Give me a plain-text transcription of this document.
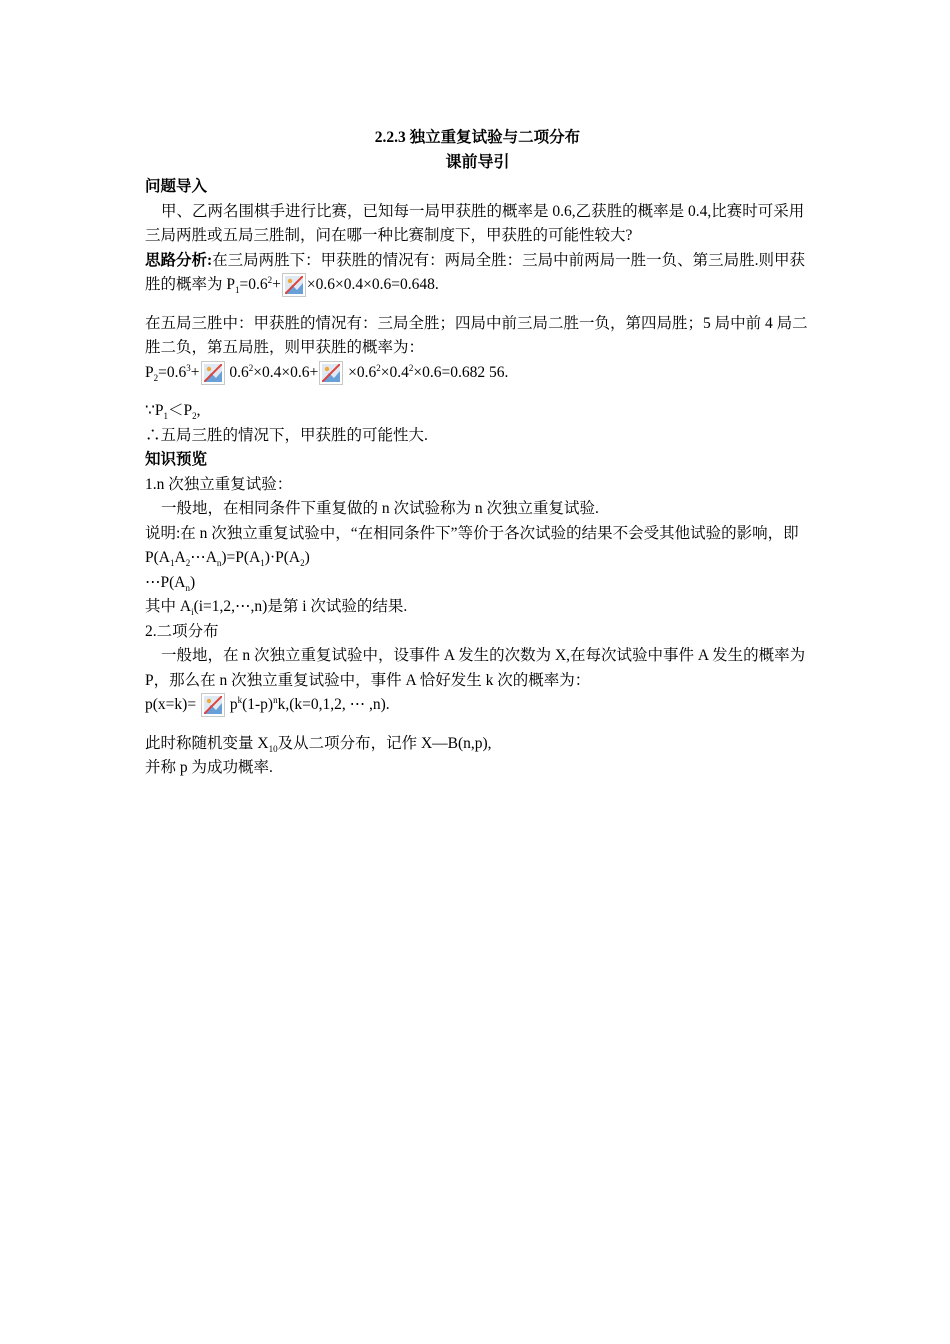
2.2.3 独立重复试验与二项分布
课前导引
问题导入

甲、乙两名围棋手进行比赛，已知每一局甲获胜的概率是 0.6,乙获胜的概率是 0.4,比赛时可采用三局两胜或五局三胜制，问在哪一种比赛制度下，甲获胜的可能性较大?

思路分析:在三局两胜下：甲获胜的情况有：两局全胜：三局中前两局一胜一负、第三局胜.则甲获胜的概率为 $P_1=0.6^2+ \times 0.6\times 0.4\times 0.6=0.648$.

在五局三胜中：甲获胜的情况有：三局全胜；四局中前三局二胜一负，第四局胜；5 局中前 4 局二胜二负，第五局胜，则甲获胜的概率为：

$P_2=0.6^3+$
$0.6^2\times 0.4\times 0.6+$
$\times 0.6^2\times 0.4^2\times 0.6=0.682$ 56.

$\because P_1<P_2$,

∴五局三胜的情况下，甲获胜的可能性大.

知识预览

1.n 次独立重复试验：

一般地，在相同条件下重复做的 n 次试验称为 n 次独立重复试验.

说明:在 n 次独立重复试验中，“在相同条件下”等价于各次试验的结果不会受其他试验的影响，即

$P(A_1A_2\cdots A_n)=P(A_1)\cdot P(A_2)$

$\cdots P(A_n)$

其中 $A_i(i=1,2,\cdots,n)$是第 i 次试验的结果.

2.二项分布

一般地，在 n 次独立重复试验中，设事件 A 发生的次数为 X,在每次试验中事件 A 发生的概率为 P，那么在 n 次独立重复试验中，事件 A 恰好发生 k 次的概率为：

p(x=k)=
$p^k(1-p)^nk,(k=0,1,2$, ⋯ ,n).

此时称随机变量 $X_{10}$及从二项分布，记作 X—B(n,p),

并称 p 为成功概率.
